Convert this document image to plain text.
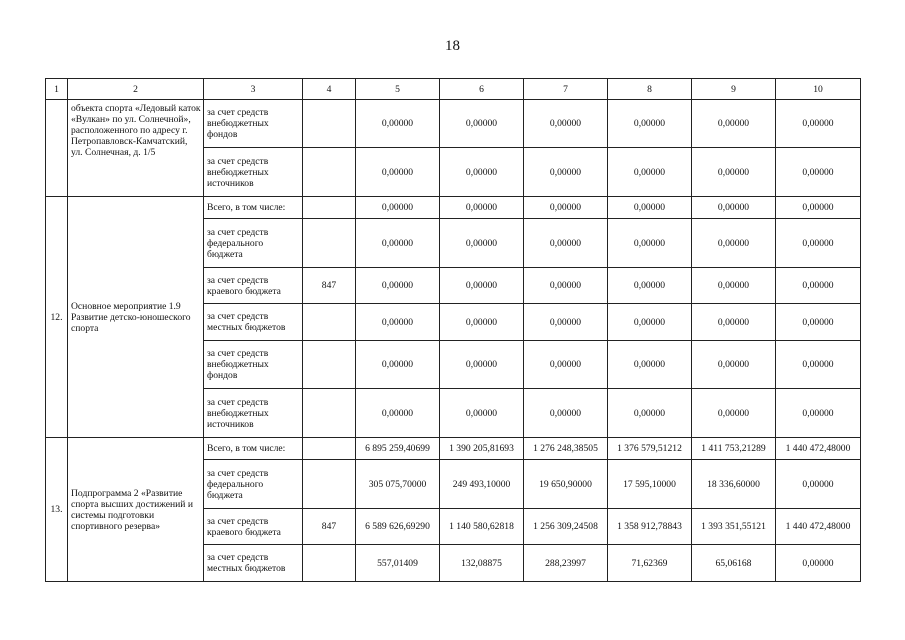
18
1	2	3	4	5	6	7	8	9	10
	объекта спорта «Ледовый каток «Вулкан» по ул. Солнечной», расположенного по адресу г. Петропавловск-Камчатский, ул. Солнечная, д. 1/5	за счет средств внебюджетных фондов		0,00000	0,00000	0,00000	0,00000	0,00000	0,00000
		за счет средств внебюджетных источников		0,00000	0,00000	0,00000	0,00000	0,00000	0,00000
12.	Основное мероприятие 1.9 Развитие детско-юношеского спорта	Всего, в том числе:		0,00000	0,00000	0,00000	0,00000	0,00000	0,00000
		за счет средств федерального бюджета		0,00000	0,00000	0,00000	0,00000	0,00000	0,00000
		за счет средств краевого бюджета	847	0,00000	0,00000	0,00000	0,00000	0,00000	0,00000
		за счет средств местных бюджетов		0,00000	0,00000	0,00000	0,00000	0,00000	0,00000
		за счет средств внебюджетных фондов		0,00000	0,00000	0,00000	0,00000	0,00000	0,00000
		за счет средств внебюджетных источников		0,00000	0,00000	0,00000	0,00000	0,00000	0,00000
13.	Подпрограмма 2 «Развитие спорта высших достижений и системы подготовки спортивного резерва»	Всего, в том числе:		6 895 259,40699	1 390 205,81693	1 276 248,38505	1 376 579,51212	1 411 753,21289	1 440 472,48000
		за счет средств федерального бюджета		305 075,70000	249 493,10000	19 650,90000	17 595,10000	18 336,60000	0,00000
		за счет средств краевого бюджета	847	6 589 626,69290	1 140 580,62818	1 256 309,24508	1 358 912,78843	1 393 351,55121	1 440 472,48000
		за счет средств местных бюджетов		557,01409	132,08875	288,23997	71,62369	65,06168	0,00000
